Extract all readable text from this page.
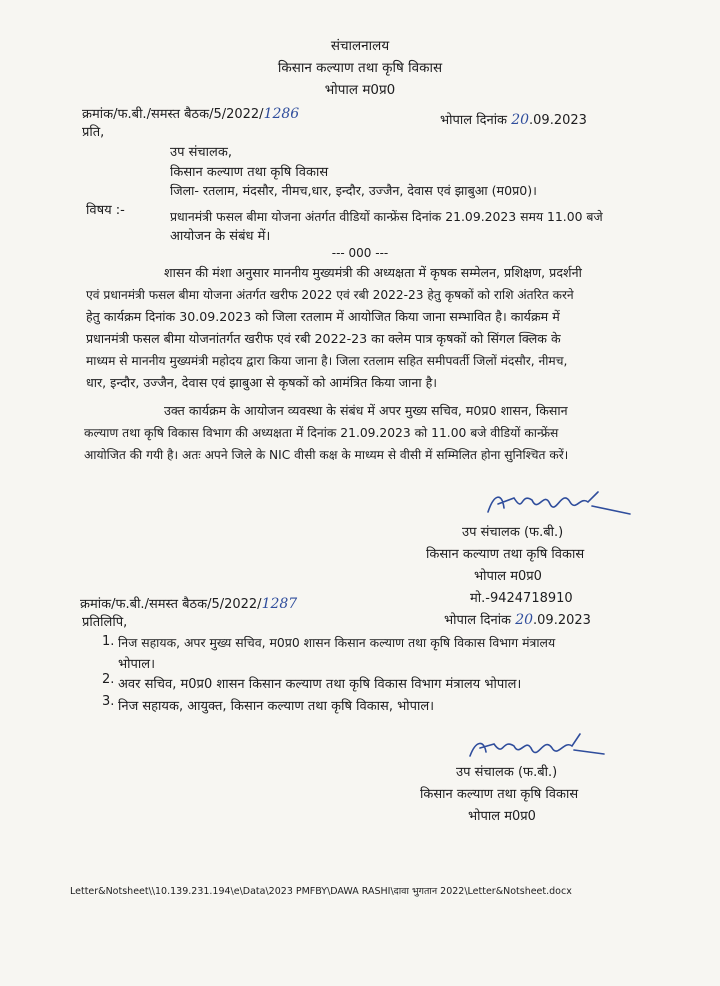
संचालनालय
किसान कल्याण तथा कृषि विकास
भोपाल म0प्र0
क्रमांक/फ.बी./समस्त बैठक/5/2022/1286	भोपाल दिनांक 20.09.2023
प्रति,
उप संचालक,
किसान कल्याण तथा कृषि विकास
जिला- रतलाम, मंदसौर, नीमच,धार, इन्दौर, उज्जैन, देवास एवं झाबुआ (म0प्र0)।
विषय :-	प्रधानमंत्री फसल बीमा योजना अंतर्गत वीडियों कान्फ्रेंस दिनांक 21.09.2023 समय 11.00 बजे
आयोजन के संबंध में।
--- 000 ---
शासन की मंशा अनुसार माननीय मुख्यमंत्री की अध्यक्षता में कृषक सम्मेलन, प्रशिक्षण, प्रदर्शनी
एवं प्रधानमंत्री फसल बीमा योजना अंतर्गत खरीफ 2022 एवं रबी 2022-23 हेतु कृषकों को राशि अंतरित करने
हेतु कार्यक्रम दिनांक 30.09.2023 को जिला रतलाम में आयोजित किया जाना सम्भावित है। कार्यक्रम में
प्रधानमंत्री फसल बीमा योजनांतर्गत खरीफ एवं रबी 2022-23 का क्लेम पात्र कृषकों को सिंगल क्लिक के
माध्यम से माननीय मुख्यमंत्री महोदय द्वारा किया जाना है। जिला रतलाम सहित समीपवर्ती जिलों मंदसौर, नीमच,
धार, इन्दौर, उज्जैन, देवास एवं झाबुआ से कृषकों को आमंत्रित किया जाना है।
उक्त कार्यक्रम के आयोजन व्यवस्था के संबंध में अपर मुख्य सचिव, म0प्र0 शासन, किसान
कल्याण तथा कृषि विकास विभाग की अध्यक्षता में दिनांक 21.09.2023 को 11.00 बजे वीडियों कान्फ्रेंस
आयोजित की गयी है। अतः अपने जिले के NIC वीसी कक्ष के माध्यम से वीसी में सम्मिलित होना सुनिश्चित करें।
उप संचालक (फ.बी.)
किसान कल्याण तथा कृषि विकास
भोपाल म0प्र0
मो.-9424718910
भोपाल दिनांक 20.09.2023
क्रमांक/फ.बी./समस्त बैठक/5/2022/1287
प्रतिलिपि,
1. निज सहायक, अपर मुख्य सचिव, म0प्र0 शासन किसान कल्याण तथा कृषि विकास विभाग मंत्रालय
भोपाल।
2. अवर सचिव, म0प्र0 शासन किसान कल्याण तथा कृषि विकास विभाग मंत्रालय भोपाल।
3. निज सहायक, आयुक्त, किसान कल्याण तथा कृषि विकास, भोपाल।
उप संचालक (फ.बी.)
किसान कल्याण तथा कृषि विकास
भोपाल म0प्र0
Letter&Notsheet\\10.139.231.194\e\Data\2023 PMFBY\DAWA RASHI\दावा भुगतान 2022\Letter&Notsheet.docx
